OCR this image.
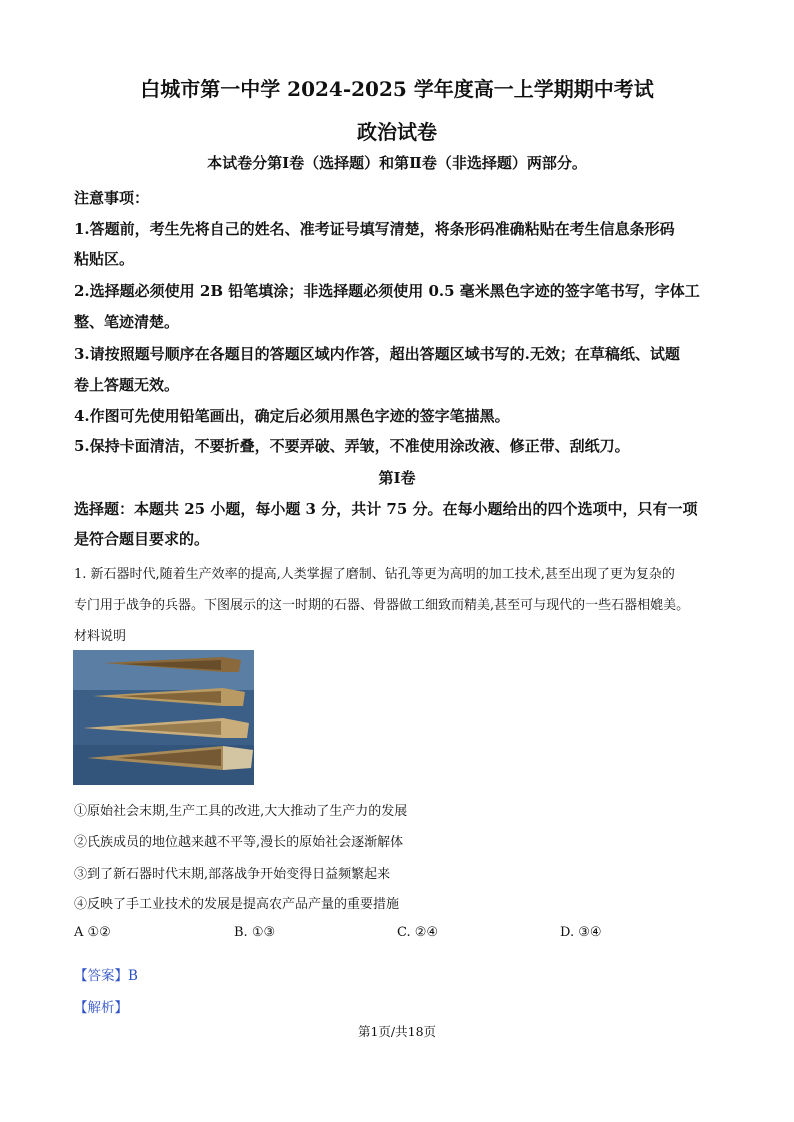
白城市第一中学 2024-2025 学年度高一上学期期中考试
政治试卷
本试卷分第Ⅰ卷（选择题）和第Ⅱ卷（非选择题）两部分。
注意事项：
1.答题前，考生先将自己的姓名、准考证号填写清楚，将条形码准确粘贴在考生信息条形码
粘贴区。
2.选择题必须使用 2B 铅笔填涂；非选择题必须使用 0.5 毫米黑色字迹的签字笔书写，字体工
整、笔迹清楚。
3.请按照题号顺序在各题目的答题区域内作答，超出答题区域书写的.无效；在草稿纸、试题
卷上答题无效。
4.作图可先使用铅笔画出，确定后必须用黑色字迹的签字笔描黑。
5.保持卡面清洁，不要折叠，不要弄破、弄皱，不准使用涂改液、修正带、刮纸刀。
第Ⅰ卷
选择题：本题共 25 小题，每小题 3 分，共计 75 分。在每小题给出的四个选项中，只有一项
是符合题目要求的。
1. 新石器时代,随着生产效率的提高,人类掌握了磨制、钻孔等更为高明的加工技术,甚至出现了更为复杂的
专门用于战争的兵器。下图展示的这一时期的石器、骨器做工细致而精美,甚至可与现代的一些石器相媲美。
材料说明
①原始社会末期,生产工具的改进,大大推动了生产力的发展
②氏族成员的地位越来越不平等,漫长的原始社会逐渐解体
③到了新石器时代末期,部落战争开始变得日益频繁起来
④反映了手工业技术的发展是提高农产品产量的重要措施
A ①②	B. ①③	C. ②④	D. ③④
【答案】B
【解析】
第1页/共18页
